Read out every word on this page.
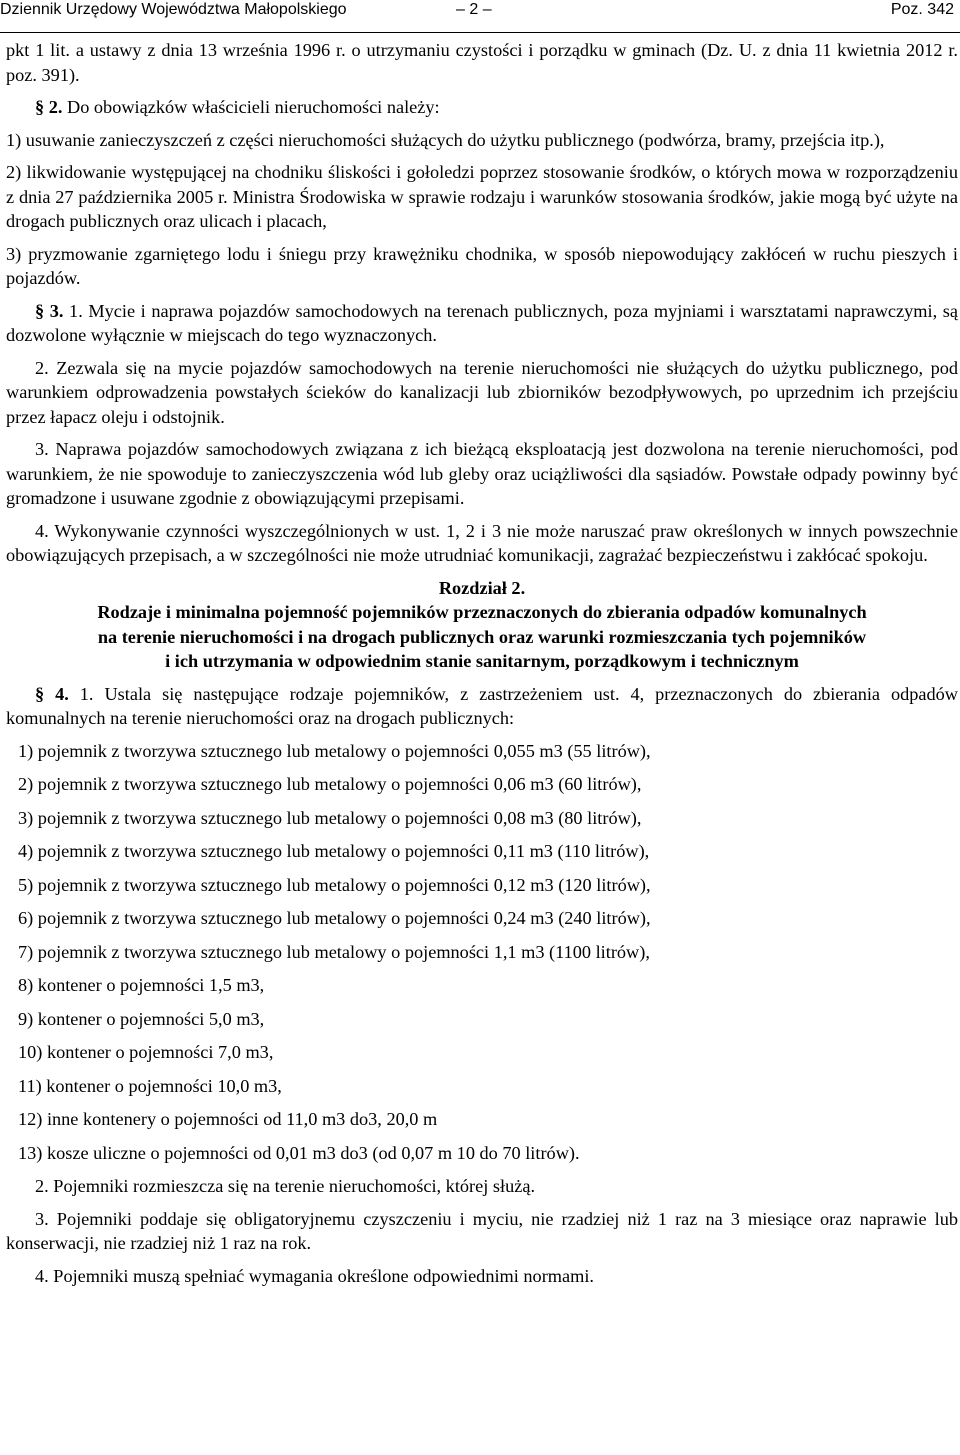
Dziennik Urzędowy Województwa Małopolskiego	– 2 –	Poz. 342

pkt 1 lit. a ustawy z dnia 13 września 1996 r. o utrzymaniu czystości i porządku w gminach (Dz. U. z dnia 11 kwietnia 2012 r. poz. 391).

§ 2. Do obowiązków właścicieli nieruchomości należy:

1) usuwanie zanieczyszczeń z części nieruchomości służących do użytku publicznego (podwórza, bramy, przejścia itp.),

2) likwidowanie występującej na chodniku śliskości i gołoledzi poprzez stosowanie środków, o których mowa w rozporządzeniu z dnia 27 października 2005 r. Ministra Środowiska w sprawie rodzaju i warunków stosowania środków, jakie mogą być użyte na drogach publicznych oraz ulicach i placach,

3) pryzmowanie zgarniętego lodu i śniegu przy krawężniku chodnika, w sposób niepowodujący zakłóceń w ruchu pieszych i pojazdów.

§ 3. 1. Mycie i naprawa pojazdów samochodowych na terenach publicznych, poza myjniami i warsztatami naprawczymi, są dozwolone wyłącznie w miejscach do tego wyznaczonych.

2. Zezwala się na mycie pojazdów samochodowych na terenie nieruchomości nie służących do użytku publicznego, pod warunkiem odprowadzenia powstałych ścieków do kanalizacji lub zbiorników bezodpływowych, po uprzednim ich przejściu przez łapacz oleju i odstojnik.

3. Naprawa pojazdów samochodowych związana z ich bieżącą eksploatacją jest dozwolona na terenie nieruchomości, pod warunkiem, że nie spowoduje to zanieczyszczenia wód lub gleby oraz uciążliwości dla sąsiadów. Powstałe odpady powinny być gromadzone i usuwane zgodnie z obowiązującymi przepisami.

4. Wykonywanie czynności wyszczególnionych w ust. 1, 2 i 3 nie może naruszać praw określonych w innych powszechnie obowiązujących przepisach, a w szczególności nie może utrudniać komunikacji, zagrażać bezpieczeństwu i zakłócać spokoju.

Rozdział 2.

Rodzaje i minimalna pojemność pojemników przeznaczonych do zbierania odpadów komunalnych
na terenie nieruchomości i na drogach publicznych oraz warunki rozmieszczania tych pojemników
i ich utrzymania w odpowiednim stanie sanitarnym, porządkowym i technicznym

§ 4. 1. Ustala się następujące rodzaje pojemników, z zastrzeżeniem ust. 4, przeznaczonych do zbierania odpadów komunalnych na terenie nieruchomości oraz na drogach publicznych:

1) pojemnik z tworzywa sztucznego lub metalowy o pojemności 0,055 m3 (55 litrów),

2) pojemnik z tworzywa sztucznego lub metalowy o pojemności 0,06 m3 (60 litrów),

3) pojemnik z tworzywa sztucznego lub metalowy o pojemności 0,08 m3 (80 litrów),

4) pojemnik z tworzywa sztucznego lub metalowy o pojemności 0,11 m3 (110 litrów),

5) pojemnik z tworzywa sztucznego lub metalowy o pojemności 0,12 m3 (120 litrów),

6) pojemnik z tworzywa sztucznego lub metalowy o pojemności 0,24 m3 (240 litrów),

7) pojemnik z tworzywa sztucznego lub metalowy o pojemności 1,1 m3 (1100 litrów),

8) kontener o pojemności 1,5 m3,

9) kontener o pojemności 5,0 m3,

10) kontener o pojemności 7,0 m3,

11) kontener o pojemności 10,0 m3,

12) inne kontenery o pojemności od 11,0 m3 do3, 20,0 m

13) kosze uliczne o pojemności od 0,01 m3 do3 (od 0,07 m 10 do 70 litrów).

2. Pojemniki rozmieszcza się na terenie nieruchomości, której służą.

3. Pojemniki poddaje się obligatoryjnemu czyszczeniu i myciu, nie rzadziej niż 1 raz na 3 miesiące oraz naprawie lub konserwacji, nie rzadziej niż 1 raz na rok.

4. Pojemniki muszą spełniać wymagania określone odpowiednimi normami.
